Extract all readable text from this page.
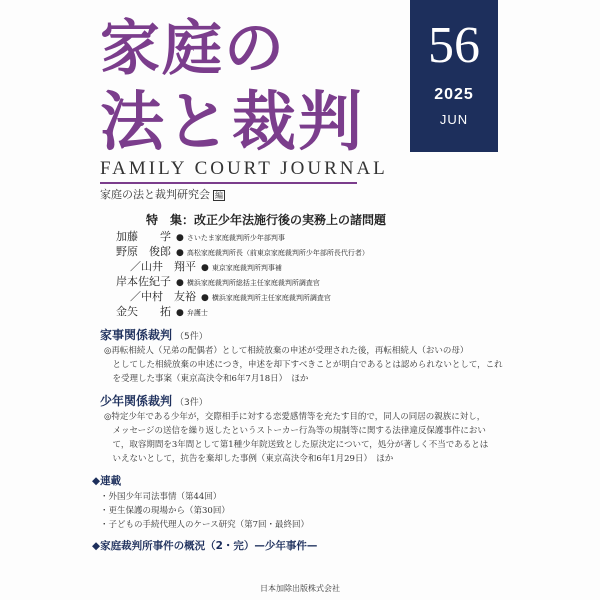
家庭の
法と裁判
56
2025
JUN
FAMILY COURT JOURNAL
家庭の法と裁判研究会 編
特　集：改正少年法施行後の実務上の諸問題
加藤　　学 ● さいたま家庭裁判所少年部判事
野原　俊郎 ● 高松家庭裁判所長（前東京家庭裁判所少年部所長代行者）
／山井　翔平 ● 東京家庭裁判所判事補
岸本佐紀子 ● 横浜家庭裁判所総括主任家庭裁判所調査官
／中村　友裕 ● 横浜家庭裁判所主任家庭裁判所調査官
金矢　　拓 ● 弁護士
家事関係裁判 （5件）
◎再転相続人（兄弟の配偶者）として相続放棄の申述が受理された後，再転相続人（おいの母）
　としてした相続放棄の申述につき，申述を却下すべきことが明白であるとは認められないとして，これ
　を受理した事案（東京高決令和6年7月18日）　ほか
少年関係裁判 （3件）
◎特定少年である少年が，交際相手に対する恋愛感情等を充たす目的で，同人の同居の親族に対し，
　メッセージの送信を繰り返したというストーカー行為等の規制等に関する法律違反保護事件におい
　て，取容期間を3年間として第1種少年院送致とした原決定について，処分が著しく不当であるとは
　いえないとして，抗告を棄却した事例（東京高決令和6年1月29日）　ほか
◆連載
・外国少年司法事情（第44回）
・更生保護の現場から（第30回）
・子どもの手続代理人のケース研究（第7回・最終回）
◆家庭裁判所事件の概況（2・完）—少年事件—
日本加除出版株式会社
